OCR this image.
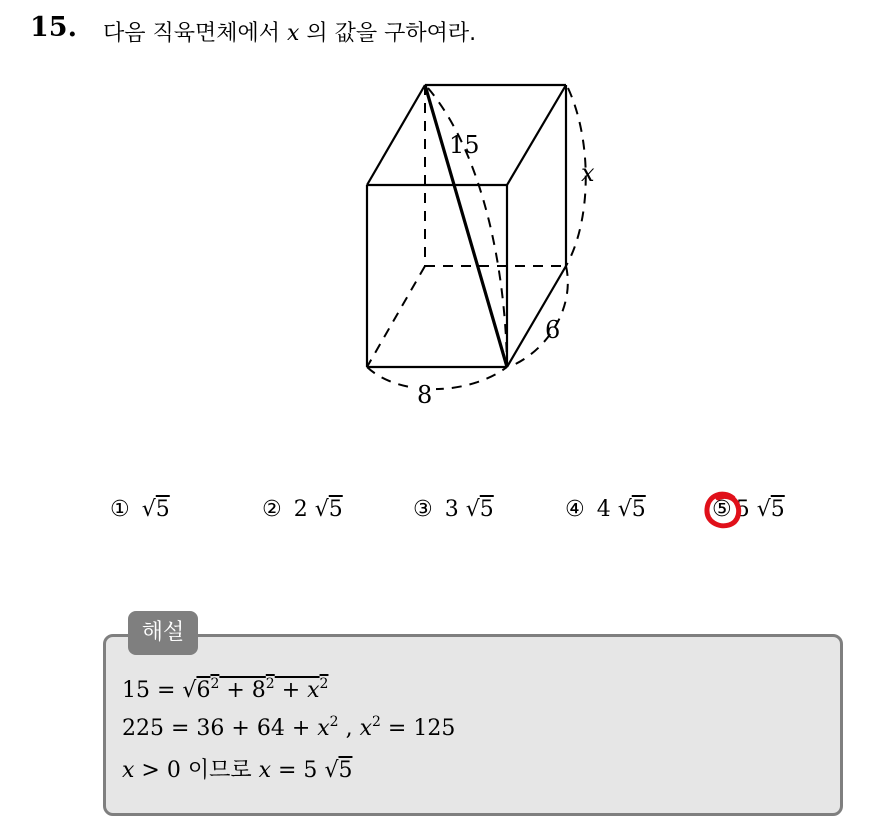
15. 다음 직육면체에서 x 의 값을 구하여라.
15
x
6
8
① √5	② 2 √5	③ 3 √5	④ 4 √5	⑤ 5 √5
해설
$15 = √6^2 + 8^2 + x^2$
$225 = 36 + 64 + x^2$ , $x^2 = 125$
x > 0 이므로 x = 5 √5
